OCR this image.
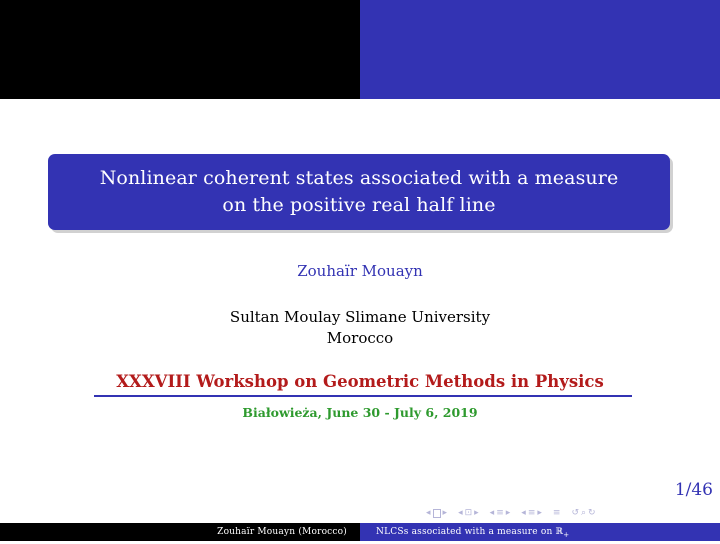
Nonlinear coherent states associated with a measure
on the positive real half line
Zouhaïr Mouayn
Sultan Moulay Slimane University
Morocco
XXXVIII Workshop on Geometric Methods in Physics
Białowieża, June 30 - July 6, 2019
1/46
◂ ▸ ◂ ⊡ ▸ ◂ ≡ ▸ ◂ ≡ ▸ ≡ ↺ ⌕ ↻
Zouhaïr Mouayn (Morocco)	NLCSs associated with a measure on ℝ$_+$
